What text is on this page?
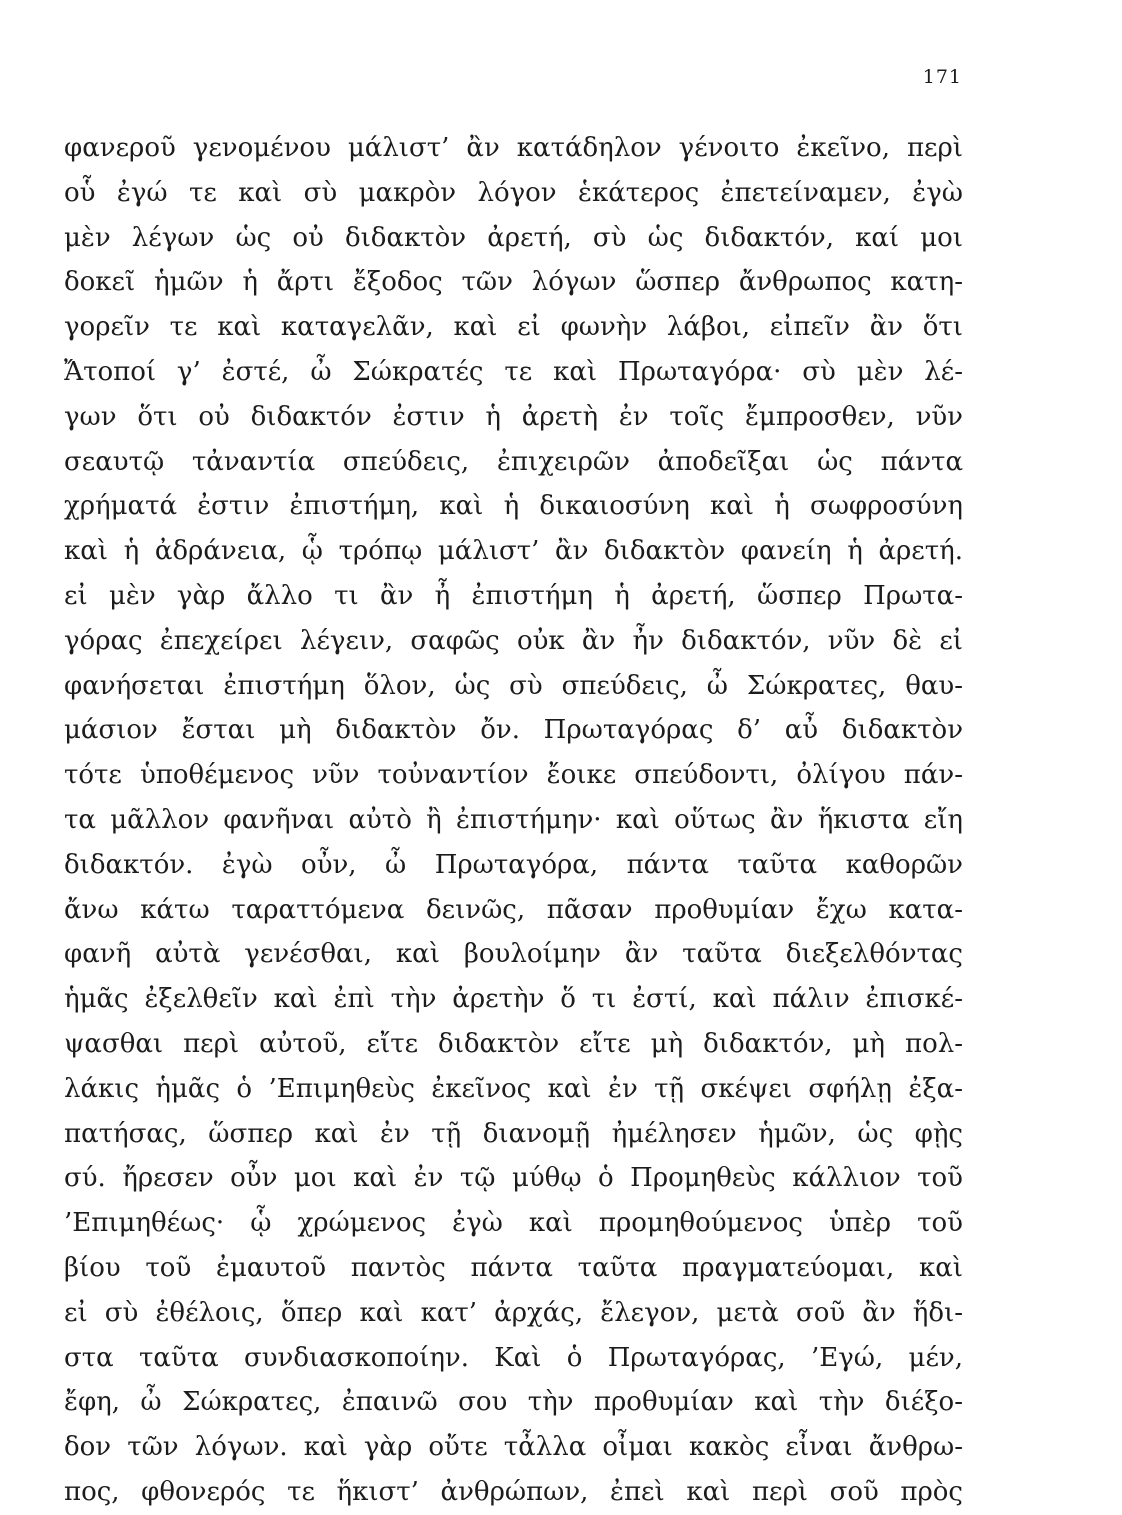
171
φανεροῦ γενομένου μάλιστ’ ἂν κατάδηλον γένοιτο ἐκεῖνο, περὶ
οὗ ἐγώ τε καὶ σὺ μακρὸν λόγον ἑκάτερος ἐπετείναμεν, ἐγὼ
μὲν λέγων ὡς οὐ διδακτὸν ἀρετή, σὺ ὡς διδακτόν, καί μοι
δοκεῖ ἡμῶν ἡ ἄρτι ἔξοδος τῶν λόγων ὥσπερ ἄνθρωπος κατη-
γορεῖν τε καὶ καταγελᾶν, καὶ εἰ φωνὴν λάβοι, εἰπεῖν ἂν ὅτι
Ἄτοποί γ’ ἐστέ, ὦ Σώκρατές τε καὶ Πρωταγόρα· σὺ μὲν λέ-
γων ὅτι οὐ διδακτόν ἐστιν ἡ ἀρετὴ ἐν τοῖς ἔμπροσθεν, νῦν
σεαυτῷ τἀναντία σπεύδεις, ἐπιχειρῶν ἀποδεῖξαι ὡς πάντα
χρήματά ἐστιν ἐπιστήμη, καὶ ἡ δικαιοσύνη καὶ ἡ σωφροσύνη
καὶ ἡ ἀδράνεια, ᾧ τρόπῳ μάλιστ’ ἂν διδακτὸν φανείη ἡ ἀρετή.
εἰ μὲν γὰρ ἄλλο τι ἂν ἦ ἐπιστήμη ἡ ἀρετή, ὥσπερ Πρωτα-
γόρας ἐπεχείρει λέγειν, σαφῶς οὐκ ἂν ἦν διδακτόν, νῦν δὲ εἰ
φανήσεται ἐπιστήμη ὅλον, ὡς σὺ σπεύδεις, ὦ Σώκρατες, θαυ-
μάσιον ἔσται μὴ διδακτὸν ὄν. Πρωταγόρας δ’ αὖ διδακτὸν
τότε ὑποθέμενος νῦν τοὐναντίον ἔοικε σπεύδοντι, ὀλίγου πάν-
τα μᾶλλον φανῆναι αὐτὸ ἢ ἐπιστήμην· καὶ οὕτως ἂν ἥκιστα εἴη
διδακτόν. ἐγὼ οὖν, ὦ Πρωταγόρα, πάντα ταῦτα καθορῶν
ἄνω κάτω ταραττόμενα δεινῶς, πᾶσαν προθυμίαν ἔχω κατα-
φανῆ αὐτὰ γενέσθαι, καὶ βουλοίμην ἂν ταῦτα διεξελθόντας
ἡμᾶς ἐξελθεῖν καὶ ἐπὶ τὴν ἀρετὴν ὅ τι ἐστί, καὶ πάλιν ἐπισκέ-
ψασθαι περὶ αὐτοῦ, εἴτε διδακτὸν εἴτε μὴ διδακτόν, μὴ πολ-
λάκις ἡμᾶς ὁ ’Επιμηθεὺς ἐκεῖνος καὶ ἐν τῇ σκέψει σφήλῃ ἐξα-
πατήσας, ὥσπερ καὶ ἐν τῇ διανομῇ ἠμέλησεν ἡμῶν, ὡς φῂς
σύ. ἤρεσεν οὖν μοι καὶ ἐν τῷ μύθῳ ὁ Προμηθεὺς κάλλιον τοῦ
’Επιμηθέως· ᾧ χρώμενος ἐγὼ καὶ προμηθούμενος ὑπὲρ τοῦ
βίου τοῦ ἐμαυτοῦ παντὸς πάντα ταῦτα πραγματεύομαι, καὶ
εἰ σὺ ἐθέλοις, ὅπερ καὶ κατ’ ἀρχάς, ἔλεγον, μετὰ σοῦ ἂν ἥδι-
στα ταῦτα συνδιασκοποίην. Καὶ ὁ Πρωταγόρας, ’Εγώ, μέν,
ἔφη, ὦ Σώκρατες, ἐπαινῶ σου τὴν προθυμίαν καὶ τὴν διέξο-
δον τῶν λόγων. καὶ γὰρ οὔτε τἆλλα οἶμαι κακὸς εἶναι ἄνθρω-
πος, φθονερός τε ἥκιστ’ ἀνθρώπων, ἐπεὶ καὶ περὶ σοῦ πρὸς
